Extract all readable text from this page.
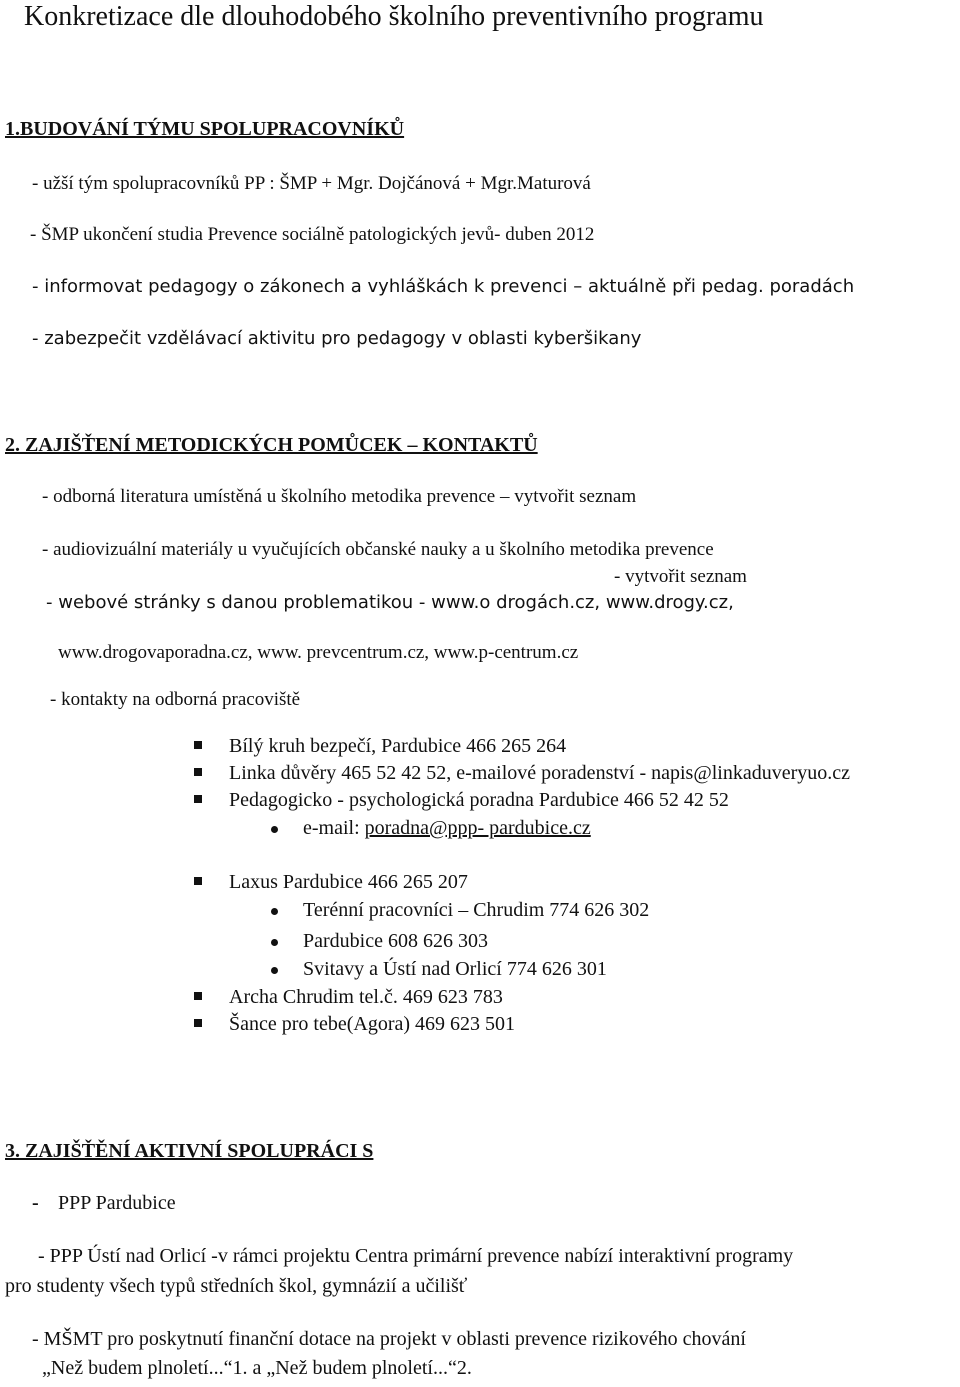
Konkretizace dle dlouhodobého školního preventivního programu
1.BUDOVÁNÍ TÝMU SPOLUPRACOVNÍKŮ
- užší tým spolupracovníků PP : ŠMP + Mgr. Dojčánová + Mgr.Maturová
- ŠMP ukončení studia Prevence sociálně patologických jevů- duben 2012
- informovat pedagogy o zákonech a vyhláškách k prevenci – aktuálně při pedag. poradách
- zabezpečit vzdělávací aktivitu pro pedagogy v oblasti kyberšikany
2. ZAJIŠŤENÍ METODICKÝCH POMŮCEK – KONTAKTŮ
- odborná literatura umístěná u školního metodika prevence – vytvořit seznam
- audiovizuální materiály u vyučujících občanské nauky a u školního metodika prevence
- vytvořit seznam
- webové stránky s danou problematikou - www.o drogách.cz, www.drogy.cz,
www.drogovaporadna.cz, www. prevcentrum.cz, www.p-centrum.cz
- kontakty na odborná pracoviště
Bílý kruh bezpečí, Pardubice 466 265 264
Linka důvěry 465 52 42 52, e-mailové poradenství - napis@linkaduveryuo.cz
Pedagogicko - psychologická poradna Pardubice 466 52 42 52
e-mail: poradna@ppp- pardubice.cz
Laxus Pardubice 466 265 207
Terénní pracovníci – Chrudim 774 626 302
Pardubice 608 626 303
Svitavy a Ústí nad Orlicí 774 626 301
Archa Chrudim tel.č. 469 623 783
Šance pro tebe(Agora) 469 623 501
3. ZAJIŠŤĚNÍ AKTIVNÍ SPOLUPRÁCI S
- PPP Pardubice
- PPP Ústí nad Orlicí -v rámci projektu Centra primární prevence nabízí interaktivní programy
pro studenty všech typů středních škol, gymnázií a učilišť
- MŠMT pro poskytnutí finanční dotace na projekt v oblasti prevence rizikového chování
„Než budem plnoletí...“1. a „Než budem plnoletí...“2.
